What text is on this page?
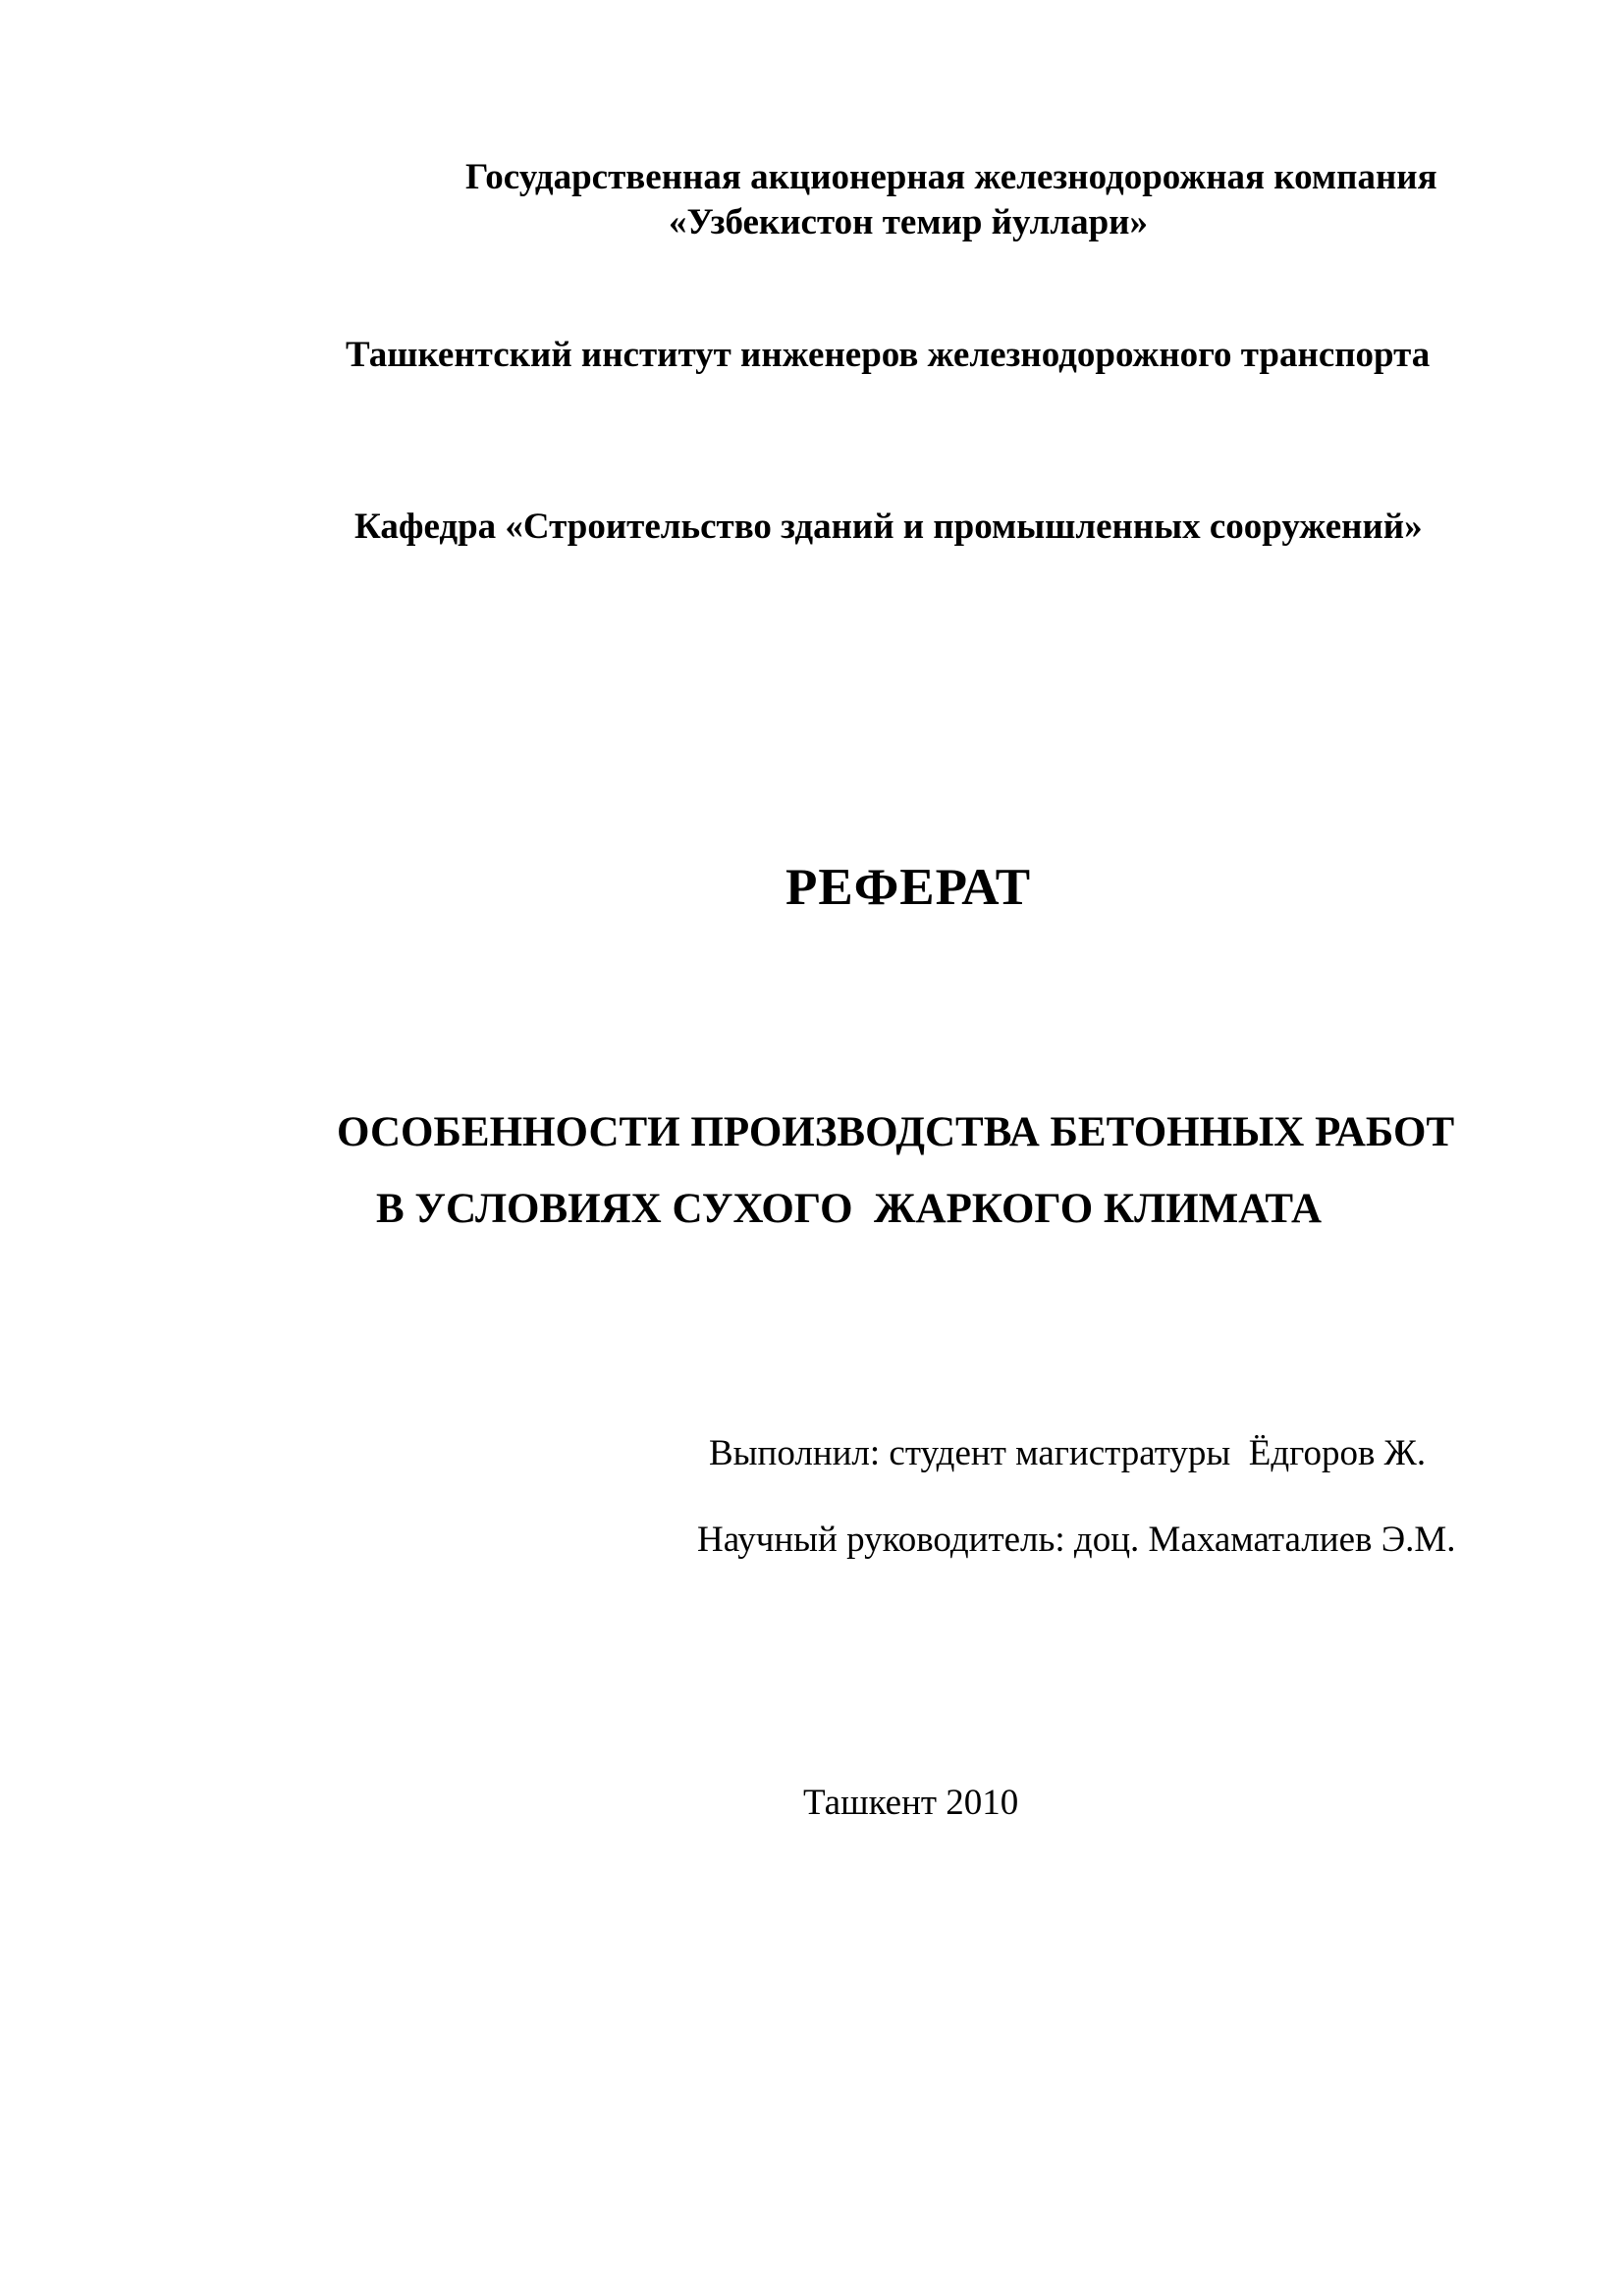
Государственная акционерная железнодорожная компания
«Узбекистон темир йуллари»
Ташкентский институт инженеров железнодорожного транспорта
Кафедра «Строительство зданий и промышленных сооружений»
РЕФЕРАТ
ОСОБЕННОСТИ ПРОИЗВОДСТВА БЕТОННЫХ РАБОТ
В УСЛОВИЯХ СУХОГО  ЖАРКОГО КЛИМАТА
Выполнил: студент магистратуры  Ёдгоров Ж.
Научный руководитель: доц. Махаматалиев Э.М.
Ташкент 2010
